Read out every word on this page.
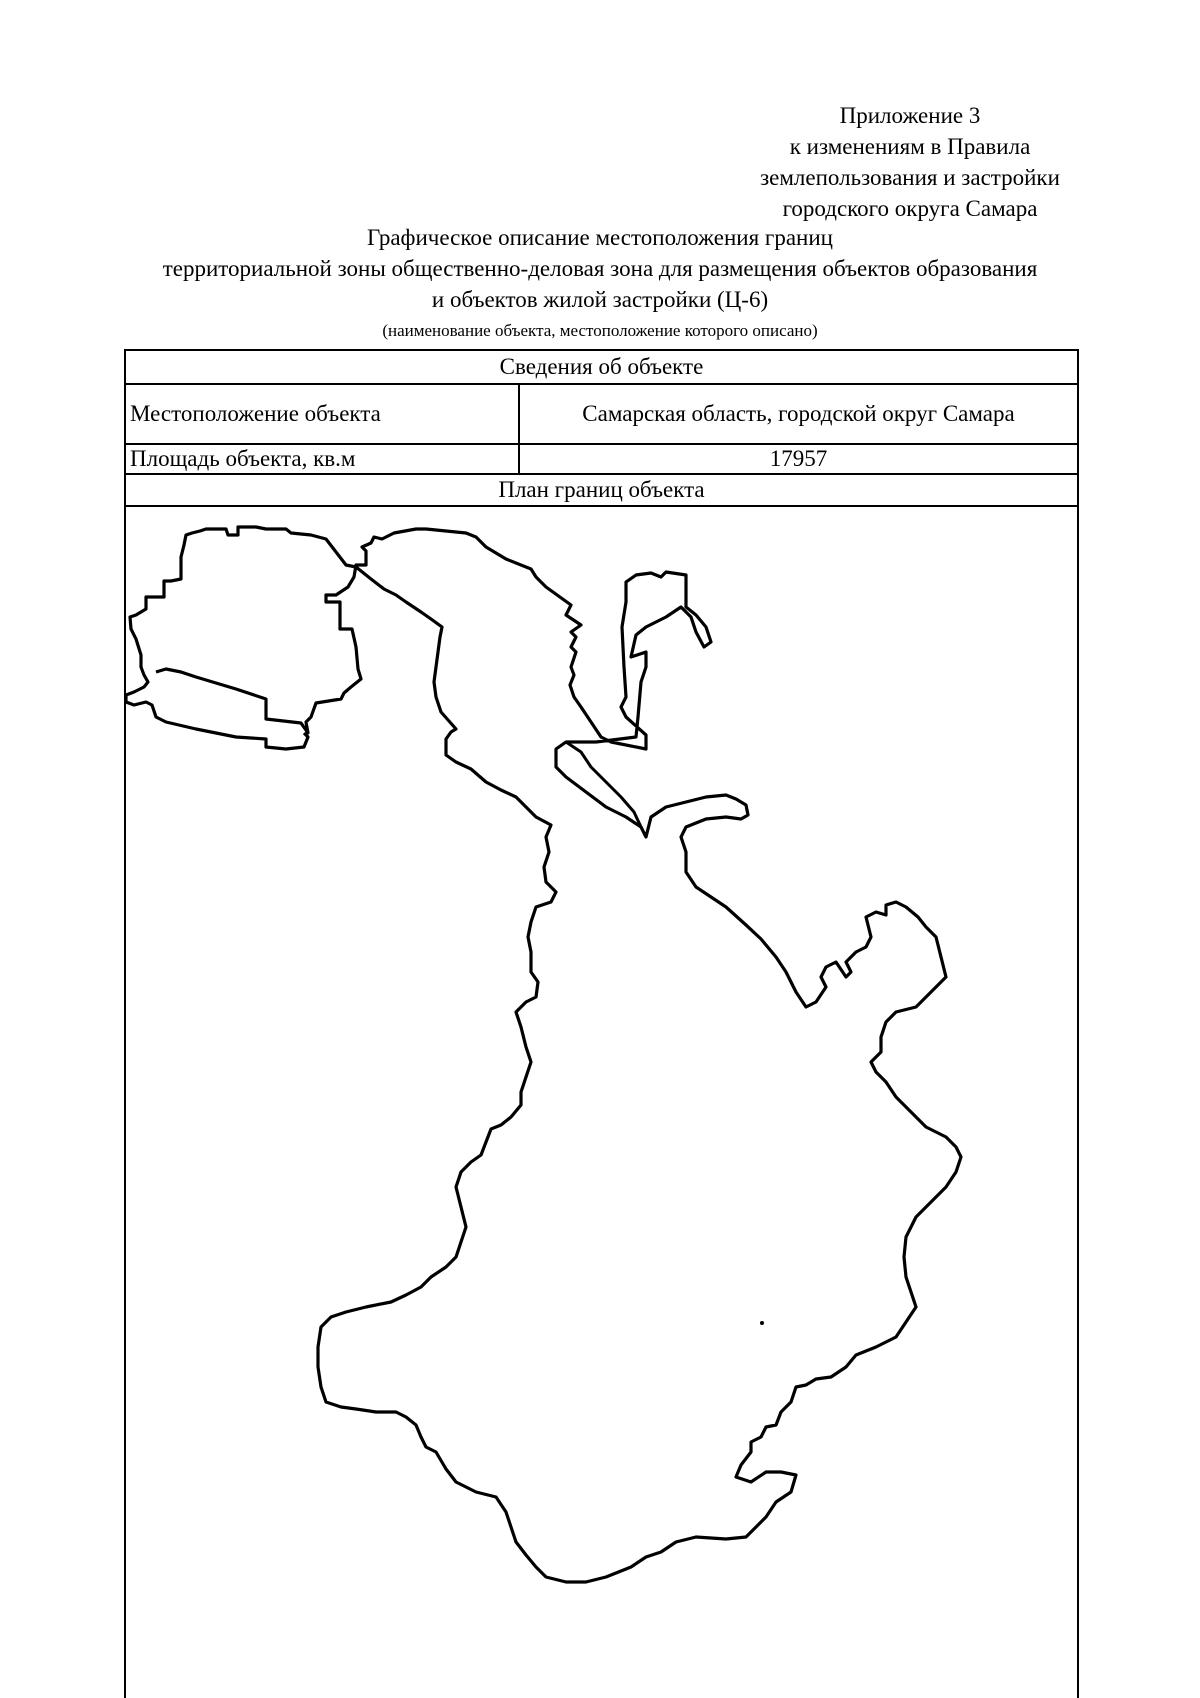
Приложение 3
к изменениям в Правила
землепользования и застройки
городского округа Самара
Графическое описание местоположения границ
территориальной зоны общественно-деловая зона для размещения объектов образования
и объектов жилой застройки (Ц-6)
(наименование объекта, местоположение которого описано)
Сведения об объекте
Местоположение объекта	Самарская область, городской округ Самара
Площадь объекта, кв.м	17957
План границ объекта
